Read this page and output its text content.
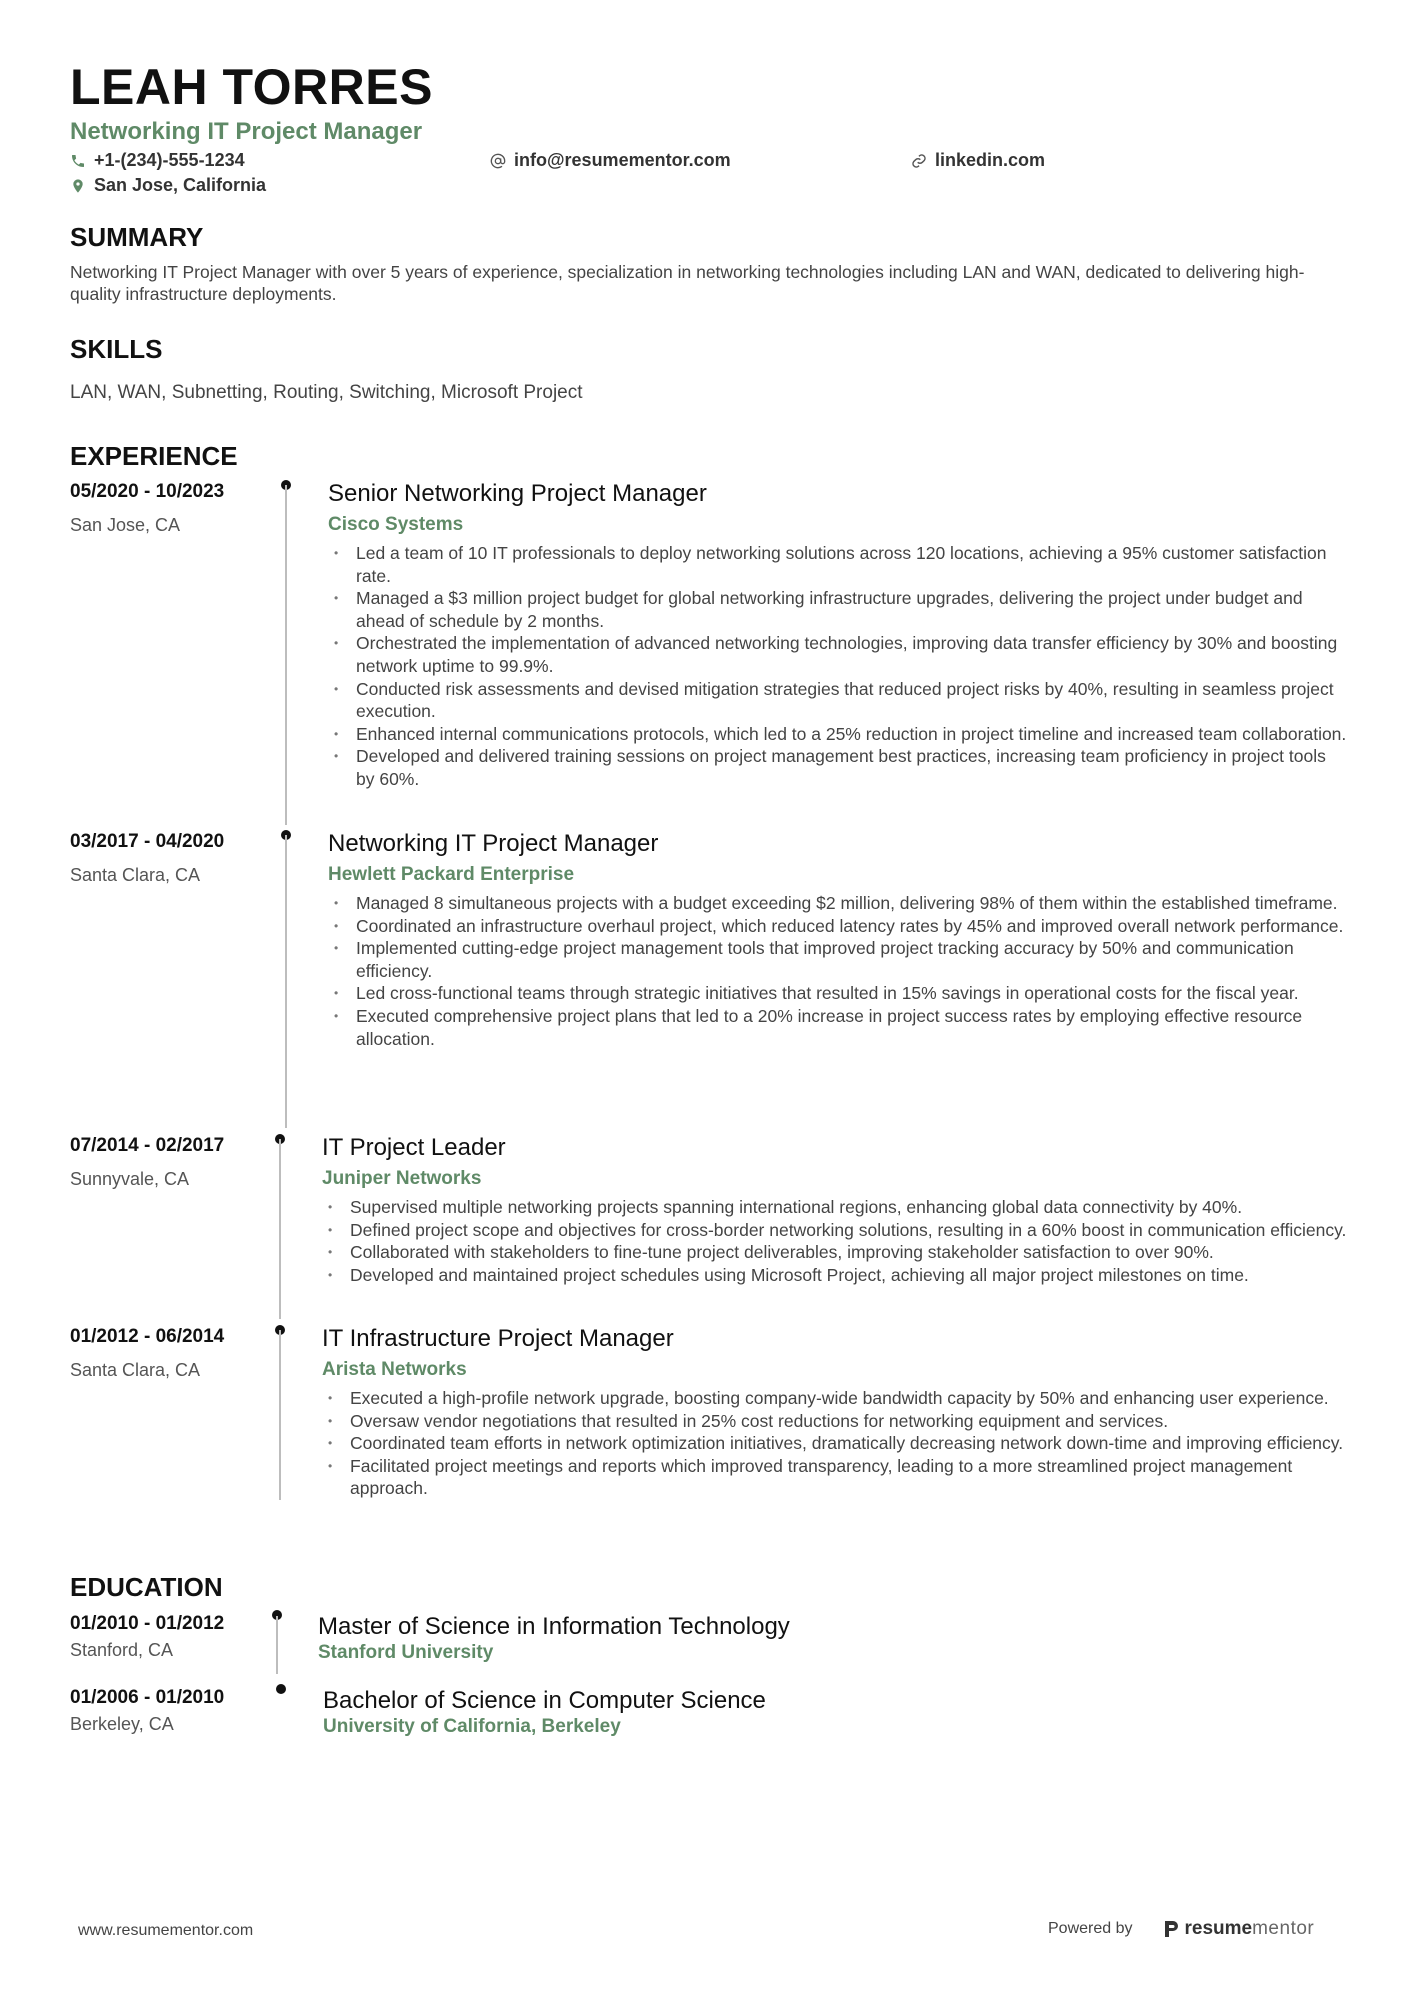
LEAH TORRES
Networking IT Project Manager
+1-(234)-555-1234	info@resumementor.com	linkedin.com
San Jose, California
SUMMARY
Networking IT Project Manager with over 5 years of experience, specialization in networking technologies including LAN and WAN, dedicated to delivering high-quality infrastructure deployments.
SKILLS
LAN, WAN, Subnetting, Routing, Switching, Microsoft Project
EXPERIENCE
05/2020 - 10/2023
San Jose, CA
Senior Networking Project Manager
Cisco Systems
• Led a team of 10 IT professionals to deploy networking solutions across 120 locations, achieving a 95% customer satisfaction rate.
• Managed a $3 million project budget for global networking infrastructure upgrades, delivering the project under budget and ahead of schedule by 2 months.
• Orchestrated the implementation of advanced networking technologies, improving data transfer efficiency by 30% and boosting network uptime to 99.9%.
• Conducted risk assessments and devised mitigation strategies that reduced project risks by 40%, resulting in seamless project execution.
• Enhanced internal communications protocols, which led to a 25% reduction in project timeline and increased team collaboration.
• Developed and delivered training sessions on project management best practices, increasing team proficiency in project tools by 60%.
03/2017 - 04/2020
Santa Clara, CA
Networking IT Project Manager
Hewlett Packard Enterprise
• Managed 8 simultaneous projects with a budget exceeding $2 million, delivering 98% of them within the established timeframe.
• Coordinated an infrastructure overhaul project, which reduced latency rates by 45% and improved overall network performance.
• Implemented cutting-edge project management tools that improved project tracking accuracy by 50% and communication efficiency.
• Led cross-functional teams through strategic initiatives that resulted in 15% savings in operational costs for the fiscal year.
• Executed comprehensive project plans that led to a 20% increase in project success rates by employing effective resource allocation.
07/2014 - 02/2017
Sunnyvale, CA
IT Project Leader
Juniper Networks
• Supervised multiple networking projects spanning international regions, enhancing global data connectivity by 40%.
• Defined project scope and objectives for cross-border networking solutions, resulting in a 60% boost in communication efficiency.
• Collaborated with stakeholders to fine-tune project deliverables, improving stakeholder satisfaction to over 90%.
• Developed and maintained project schedules using Microsoft Project, achieving all major project milestones on time.
01/2012 - 06/2014
Santa Clara, CA
IT Infrastructure Project Manager
Arista Networks
• Executed a high-profile network upgrade, boosting company-wide bandwidth capacity by 50% and enhancing user experience.
• Oversaw vendor negotiations that resulted in 25% cost reductions for networking equipment and services.
• Coordinated team efforts in network optimization initiatives, dramatically decreasing network down-time and improving efficiency.
• Facilitated project meetings and reports which improved transparency, leading to a more streamlined project management approach.
EDUCATION
01/2010 - 01/2012
Stanford, CA
Master of Science in Information Technology
Stanford University
01/2006 - 01/2010
Berkeley, CA
Bachelor of Science in Computer Science
University of California, Berkeley
www.resumementor.com	Powered by	resume mentor
